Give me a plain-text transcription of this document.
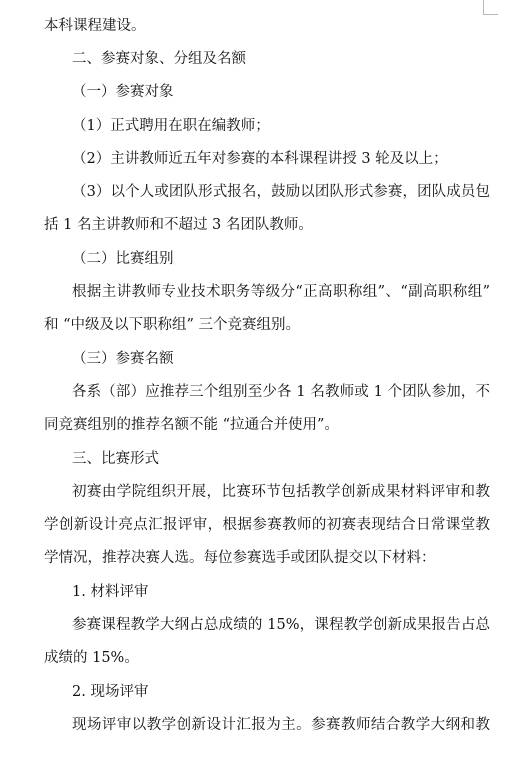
本科课程建设。
二、参赛对象、分组及名额
（一）参赛对象
（1）正式聘用在职在编教师；
（2）主讲教师近五年对参赛的本科课程讲授 3 轮及以上；
（3）以个人或团队形式报名，鼓励以团队形式参赛，团队成员包
括 1 名主讲教师和不超过 3 名团队教师。
（二）比赛组别
根据主讲教师专业技术职务等级分“正高职称组”、“副高职称组”
和 “中级及以下职称组” 三个竞赛组别。
（三）参赛名额
各系（部）应推荐三个组别至少各 1 名教师或 1 个团队参加，不
同竞赛组别的推荐名额不能 “拉通合并使用”。
三、比赛形式
初赛由学院组织开展，比赛环节包括教学创新成果材料评审和教
学创新设计亮点汇报评审，根据参赛教师的初赛表现结合日常课堂教
学情况，推荐决赛人选。每位参赛选手或团队提交以下材料：
1. 材料评审
参赛课程教学大纲占总成绩的 15%，课程教学创新成果报告占总
成绩的 15%。
2. 现场评审
现场评审以教学创新设计汇报为主。参赛教师结合教学大纲和教
